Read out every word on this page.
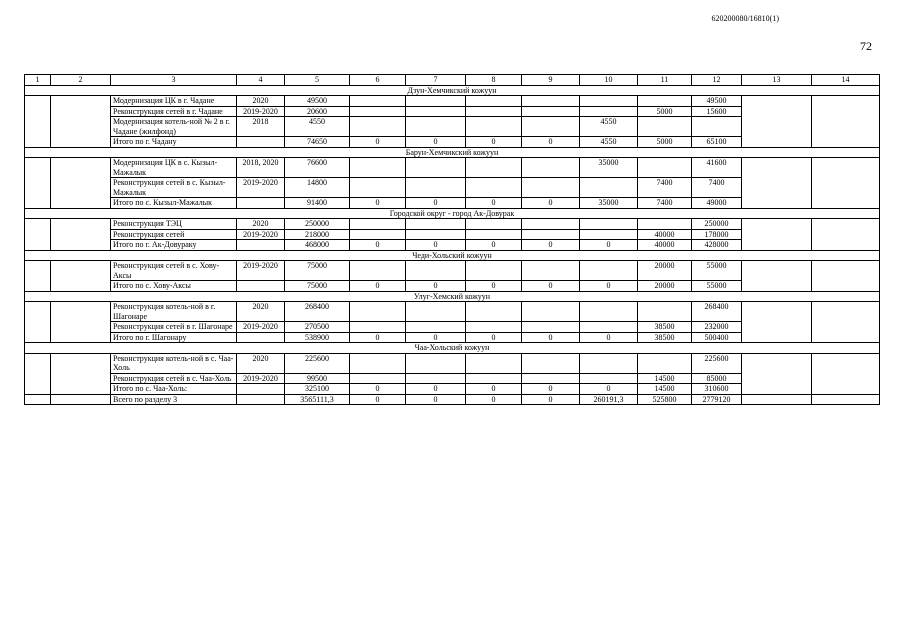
620200080/16810(1)
72
1	2	3	4	5	6	7	8	9	10	11	12	13	14
Дзун-Хемчикский кожуун													
		Модернизация ЦК в г. Чадане	2020	49500							49500		
		Реконструкция сетей в г. Чадане	2019-2020	20600						5000	15600		
		Модернизация котель-ной № 2 в г. Чадане (жилфонд)	2018	4550					4550				
		Итого по г. Чадану		74650	0	0	0	0	4550	5000	65100		
Барун-Хемчикский кожуун													
		Модернизация ЦК в с. Кызыл-Мажалык	2018, 2020	76600					35000		41600		
		Реконструкция сетей в с. Кызыл-Мажалык	2019-2020	14800						7400	7400		
		Итого по с. Кызыл-Мажалык		91400	0	0	0	0	35000	7400	49000		
Городской округ - город Ак-Довурак													
		Реконструкция ТЭЦ	2020	250000							250000		
		Реконструкция сетей	2019-2020	218000						40000	178000		
		Итого по г. Ак-Довураку		468000	0	0	0	0	0	40000	428000		
Чеди-Хольский кожуун													
		Реконструкция сетей в с. Хову-Аксы	2019-2020	75000						20000	55000		
		Итого по с. Хову-Аксы		75000	0	0	0	0	0	20000	55000		
Улуг-Хемский кожуун													
		Реконструкция котель-ной в г. Шагонаре	2020	268400							268400		
		Реконструкция сетей в г. Шагонаре	2019-2020	270500						38500	232000		
		Итого по г. Шагонару		538900	0	0	0	0	0	38500	500400		
Чаа-Хольский кожуун													
		Реконструкция котель-ной в с. Чаа-Холь	2020	225600							225600		
		Реконструкция сетей в с. Чаа-Холь	2019-2020	99500						14500	85000		
		Итого по с. Чаа-Холь:		325100	0	0	0	0	0	14500	310600		
		Всего по разделу 3		3565111,3	0	0	0	0	260191,3	525800	2779120		
